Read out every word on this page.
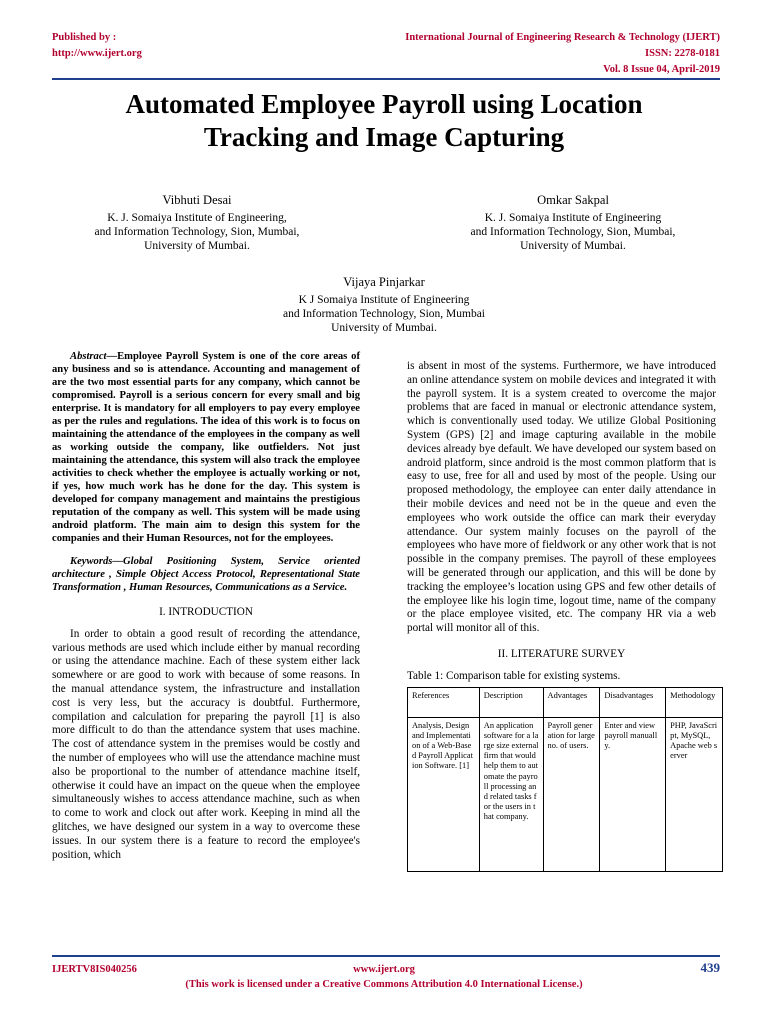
Published by :
http://www.ijert.org
International Journal of Engineering Research & Technology (IJERT)
ISSN: 2278-0181
Vol. 8 Issue 04, April-2019
Automated Employee Payroll using Location
Tracking and Image Capturing
Vibhuti Desai
K. J. Somaiya Institute of Engineering,
and Information Technology, Sion, Mumbai,
University of Mumbai.
Omkar Sakpal
K. J. Somaiya Institute of Engineering
and Information Technology, Sion, Mumbai,
University of Mumbai.
Vijaya Pinjarkar
K J Somaiya Institute of Engineering
and Information Technology, Sion, Mumbai
University of Mumbai.

Abstract—Employee Payroll System is one of the core areas of any business and so is attendance. Accounting and management of are the two most essential parts for any company, which cannot be compromised. Payroll is a serious concern for every small and big enterprise. It is mandatory for all employers to pay every employee as per the rules and regulations. The idea of this work is to focus on maintaining the attendance of the employees in the company as well as working outside the company, like outfielders. Not just maintaining the attendance, this system will also track the employee activities to check whether the employee is actually working or not, if yes, how much work has he done for the day. This system is developed for company management and maintains the prestigious reputation of the company as well. This system will be made using android platform. The main aim to design this system for the companies and their Human Resources, not for the employees.

Keywords—Global Positioning System, Service oriented architecture , Simple Object Access Protocol, Representational State Transformation , Human Resources, Communications as a Service.

I. INTRODUCTION

In order to obtain a good result of recording the attendance, various methods are used which include either by manual recording or using the attendance machine. Each of these system either lack somewhere or are good to work with because of some reasons. In the manual attendance system, the infrastructure and installation cost is very less, but the accuracy is doubtful. Furthermore, compilation and calculation for preparing the payroll [1] is also more difficult to do than the attendance system that uses machine. The cost of attendance system in the premises would be costly and the number of employees who will use the attendance machine must also be proportional to the number of attendance machine itself, otherwise it could have an impact on the queue when the employee simultaneously wishes to access attendance machine, such as when to come to work and clock out after work. Keeping in mind all the glitches, we have designed our system in a way to overcome these issues. In our system there is a feature to record the employee's position, which

is absent in most of the systems. Furthermore, we have introduced an online attendance system on mobile devices and integrated it with the payroll system. It is a system created to overcome the major problems that are faced in manual or electronic attendance system, which is conventionally used today. We utilize Global Positioning System (GPS) [2] and image capturing available in the mobile devices already bye default. We have developed our system based on android platform, since android is the most common platform that is easy to use, free for all and used by most of the people. Using our proposed methodology, the employee can enter daily attendance in their mobile devices and need not be in the queue and even the employees who work outside the office can mark their everyday attendance. Our system mainly focuses on the payroll of the employees who have more of fieldwork or any other work that is not possible in the company premises. The payroll of these employees will be generated through our application, and this will be done by tracking the employee’s location using GPS and few other details of the employee like his login time, logout time, name of the company or the place employee visited, etc. The company HR via a web portal will monitor all of this.

II. LITERATURE SURVEY

Table 1: Comparison table for existing systems.

References	Description	Advantages	Disadvantages	Methodology
Analysis, Design and Implementation of a Web-Based Payroll Application Software. [1]	An application software for a large size external firm that would help them to automate the payroll processing and related tasks for the users in that company.	Payroll generation for large no. of users.	Enter and view payroll manually.	PHP, JavaScript, MySQL, Apache web server
IJERTV8IS040256	www.ijert.org	439
(This work is licensed under a Creative Commons Attribution 4.0 International License.)
